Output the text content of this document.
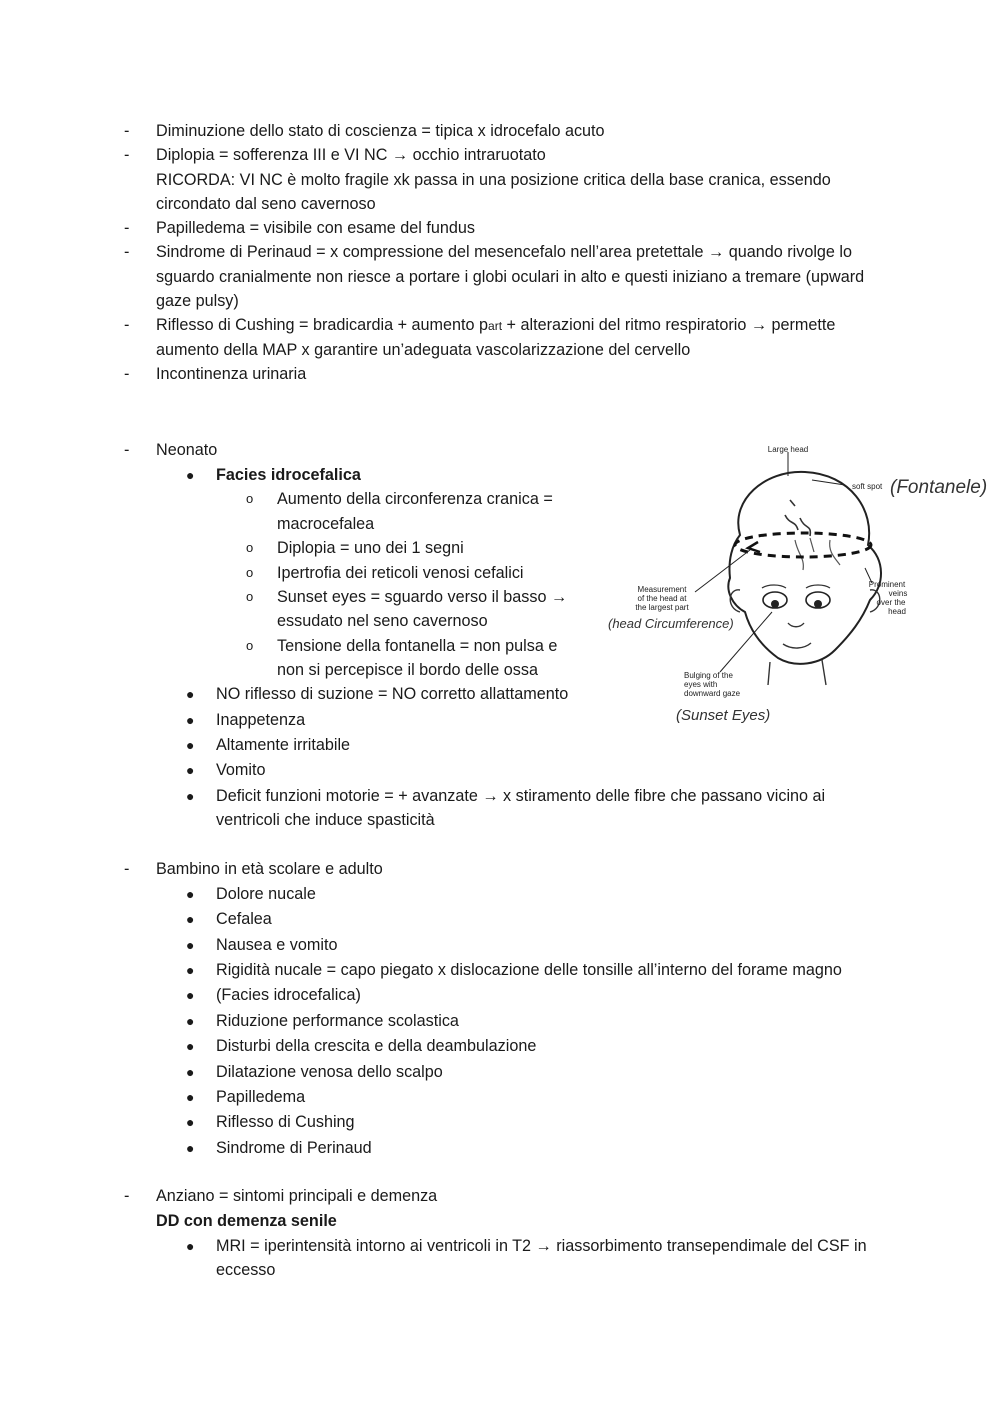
- Diminuzione dello stato di coscienza = tipica x idrocefalo acuto
- Diplopia = sofferenza III e VI NC → occhio intraruotato
RICORDA: VI NC è molto fragile xk passa in una posizione critica della base cranica, essendo
circondato dal seno cavernoso
- Papilledema = visibile con esame del fundus
- Sindrome di Perinaud = x compressione del mesencefalo nell’area pretettale → quando rivolge lo
sguardo cranialmente non riesce a portare i globi oculari in alto e questi iniziano a tremare (upward
gaze pulsy)
- Riflesso di Cushing = bradicardia + aumento part + alterazioni del ritmo respiratorio → permette
aumento della MAP x garantire un’adeguata vascolarizzazione del cervello
- Incontinenza urinaria
- Neonato
● Facies idrocefalica
o Aumento della circonferenza cranica =
macrocefalea
o Diplopia = uno dei 1 segni
o Ipertrofia dei reticoli venosi cefalici
o Sunset eyes = sguardo verso il basso →
essudato nel seno cavernoso
o Tensione della fontanella = non pulsa e
non si percepisce il bordo delle ossa
● NO riflesso di suzione = NO corretto allattamento
● Inappetenza
● Altamente irritabile
● Vomito
● Deficit funzioni motorie = + avanzate → x stiramento delle fibre che passano vicino ai
ventricoli che induce spasticità
Large head
soft spot (Fontanele)
Measurement
of the head at
the largest part
(head Circumference)
Prominent
veins
over the
head
Bulging of the
eyes with
downward gaze
(Sunset Eyes)
- Bambino in età scolare e adulto
● Dolore nucale
● Cefalea
● Nausea e vomito
● Rigidità nucale = capo piegato x dislocazione delle tonsille all’interno del forame magno
● (Facies idrocefalica)
● Riduzione performance scolastica
● Disturbi della crescita e della deambulazione
● Dilatazione venosa dello scalpo
● Papilledema
● Riflesso di Cushing
● Sindrome di Perinaud
- Anziano = sintomi principali e demenza
DD con demenza senile
● MRI = iperintensità intorno ai ventricoli in T2 → riassorbimento transependimale del CSF in
eccesso
